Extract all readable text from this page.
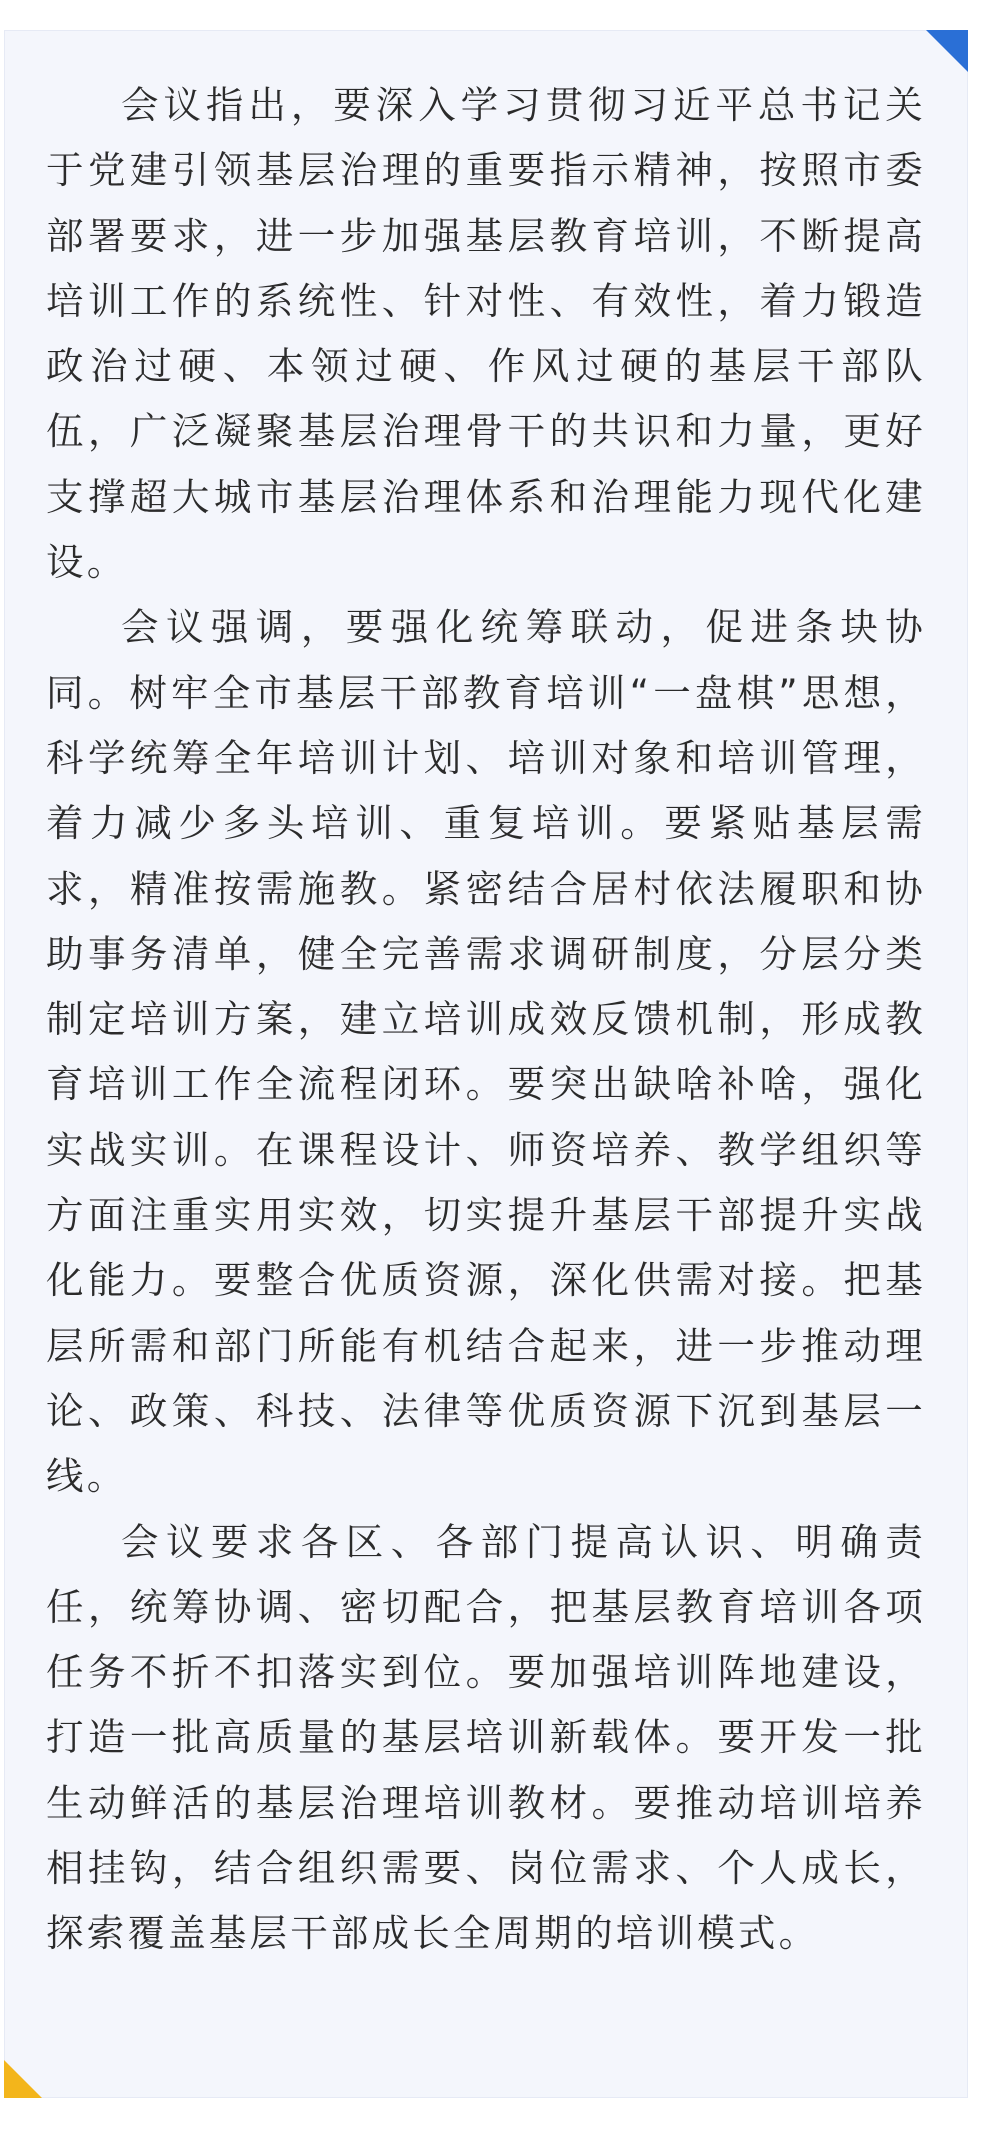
会议指出，要深入学习贯彻习近平总书记关于党建引领基层治理的重要指示精神，按照市委部署要求，进一步加强基层教育培训，不断提高培训工作的系统性、针对性、有效性，着力锻造政治过硬、本领过硬、作风过硬的基层干部队伍，广泛凝聚基层治理骨干的共识和力量，更好支撑超大城市基层治理体系和治理能力现代化建设。

会议强调，要强化统筹联动，促进条块协同。树牢全市基层干部教育培训“一盘棋”思想，科学统筹全年培训计划、培训对象和培训管理，着力减少多头培训、重复培训。要紧贴基层需求，精准按需施教。紧密结合居村依法履职和协助事务清单，健全完善需求调研制度，分层分类制定培训方案，建立培训成效反馈机制，形成教育培训工作全流程闭环。要突出缺啥补啥，强化实战实训。在课程设计、师资培养、教学组织等方面注重实用实效，切实提升基层干部提升实战化能力。要整合优质资源，深化供需对接。把基层所需和部门所能有机结合起来，进一步推动理论、政策、科技、法律等优质资源下沉到基层一线。

会议要求各区、各部门提高认识、明确责任，统筹协调、密切配合，把基层教育培训各项任务不折不扣落实到位。要加强培训阵地建设，打造一批高质量的基层培训新载体。要开发一批生动鲜活的基层治理培训教材。要推动培训培养相挂钩，结合组织需要、岗位需求、个人成长，探索覆盖基层干部成长全周期的培训模式。
